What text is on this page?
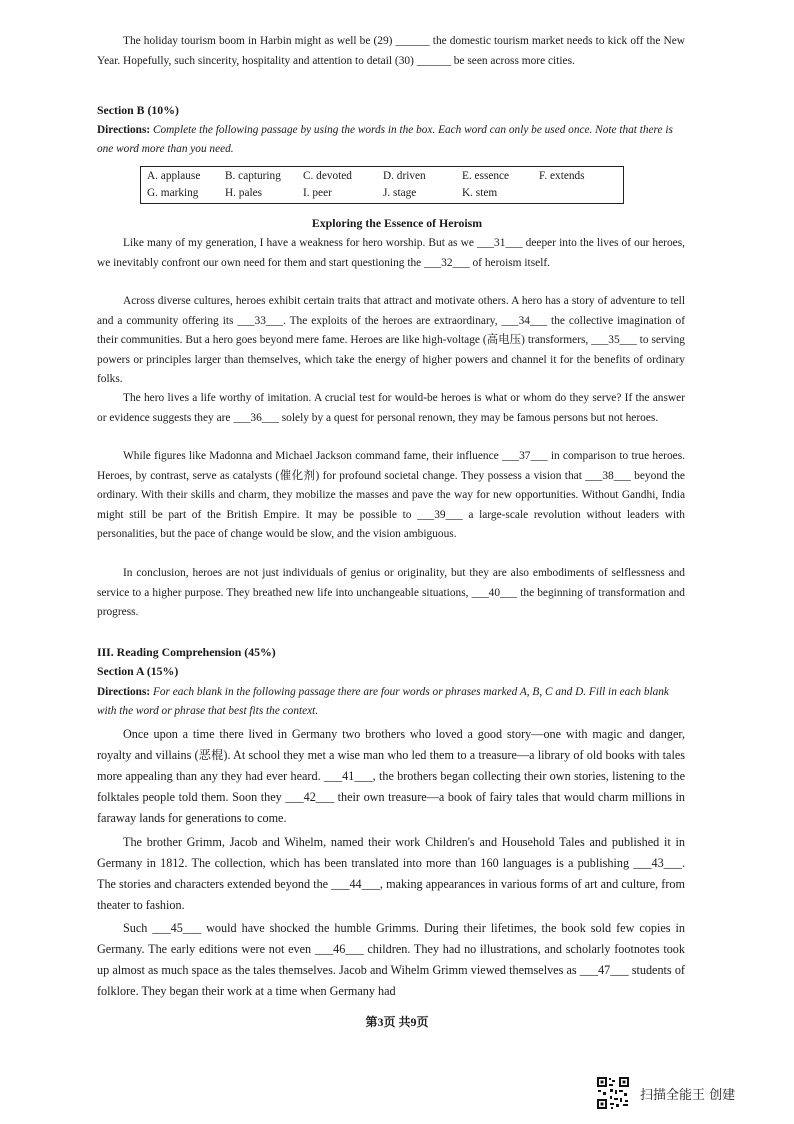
The holiday tourism boom in Harbin might as well be (29) ______ the domestic tourism market needs to kick off the New Year. Hopefully, such sincerity, hospitality and attention to detail (30) ______ be seen across more cities.

Section B (10%)

Directions: Complete the following passage by using the words in the box. Each word can only be used once. Note that there is one word more than you need.

A. applause B. capturing C. devoted	D. driven	E. essence	F. extends
G. marking H. pales	I. peer	J. stage	K. stem

Exploring the Essence of Heroism

Like many of my generation, I have a weakness for hero worship. But as we ___31___ deeper into the lives of our heroes, we inevitably confront our own need for them and start questioning the ___32___ of heroism itself.

Across diverse cultures, heroes exhibit certain traits that attract and motivate others. A hero has a story of adventure to tell and a community offering its ___33___. The exploits of the heroes are extraordinary, ___34___ the collective imagination of their communities. But a hero goes beyond mere fame. Heroes are like high-voltage (高电压) transformers, ___35___ to serving powers or principles larger than themselves, which take the energy of higher powers and channel it for the benefits of ordinary folks.

The hero lives a life worthy of imitation. A crucial test for would-be heroes is what or whom do they serve? If the answer or evidence suggests they are ___36___ solely by a quest for personal renown, they may be famous persons but not heroes.

While figures like Madonna and Michael Jackson command fame, their influence ___37___ in comparison to true heroes. Heroes, by contrast, serve as catalysts (催化剂) for profound societal change. They possess a vision that ___38___ beyond the ordinary. With their skills and charm, they mobilize the masses and pave the way for new opportunities. Without Gandhi, India might still be part of the British Empire. It may be possible to ___39___ a large-scale revolution without leaders with personalities, but the pace of change would be slow, and the vision ambiguous.

In conclusion, heroes are not just individuals of genius or originality, but they are also embodiments of selflessness and service to a higher purpose. They breathed new life into unchangeable situations, ___40___ the beginning of transformation and progress.

III. Reading Comprehension (45%)

Section A (15%)

Directions: For each blank in the following passage there are four words or phrases marked A, B, C and D. Fill in each blank with the word or phrase that best fits the context.

Once upon a time there lived in Germany two brothers who loved a good story—one with magic and danger, royalty and villains (恶棍). At school they met a wise man who led them to a treasure—a library of old books with tales more appealing than any they had ever heard. ___41___, the brothers began collecting their own stories, listening to the folktales people told them. Soon they ___42___ their own treasure—a book of fairy tales that would charm millions in faraway lands for generations to come.

The brother Grimm, Jacob and Wihelm, named their work Children's and Household Tales and published it in Germany in 1812. The collection, which has been translated into more than 160 languages is a publishing ___43___. The stories and characters extended beyond the ___44___, making appearances in various forms of art and culture, from theater to fashion.

Such ___45___ would have shocked the humble Grimms. During their lifetimes, the book sold few copies in Germany. The early editions were not even ___46___ children. They had no illustrations, and scholarly footnotes took up almost as much space as the tales themselves. Jacob and Wihelm Grimm viewed themselves as ___47___ students of folklore. They began their work at a time when Germany had

第3页 共9页
扫描全能王 创建
